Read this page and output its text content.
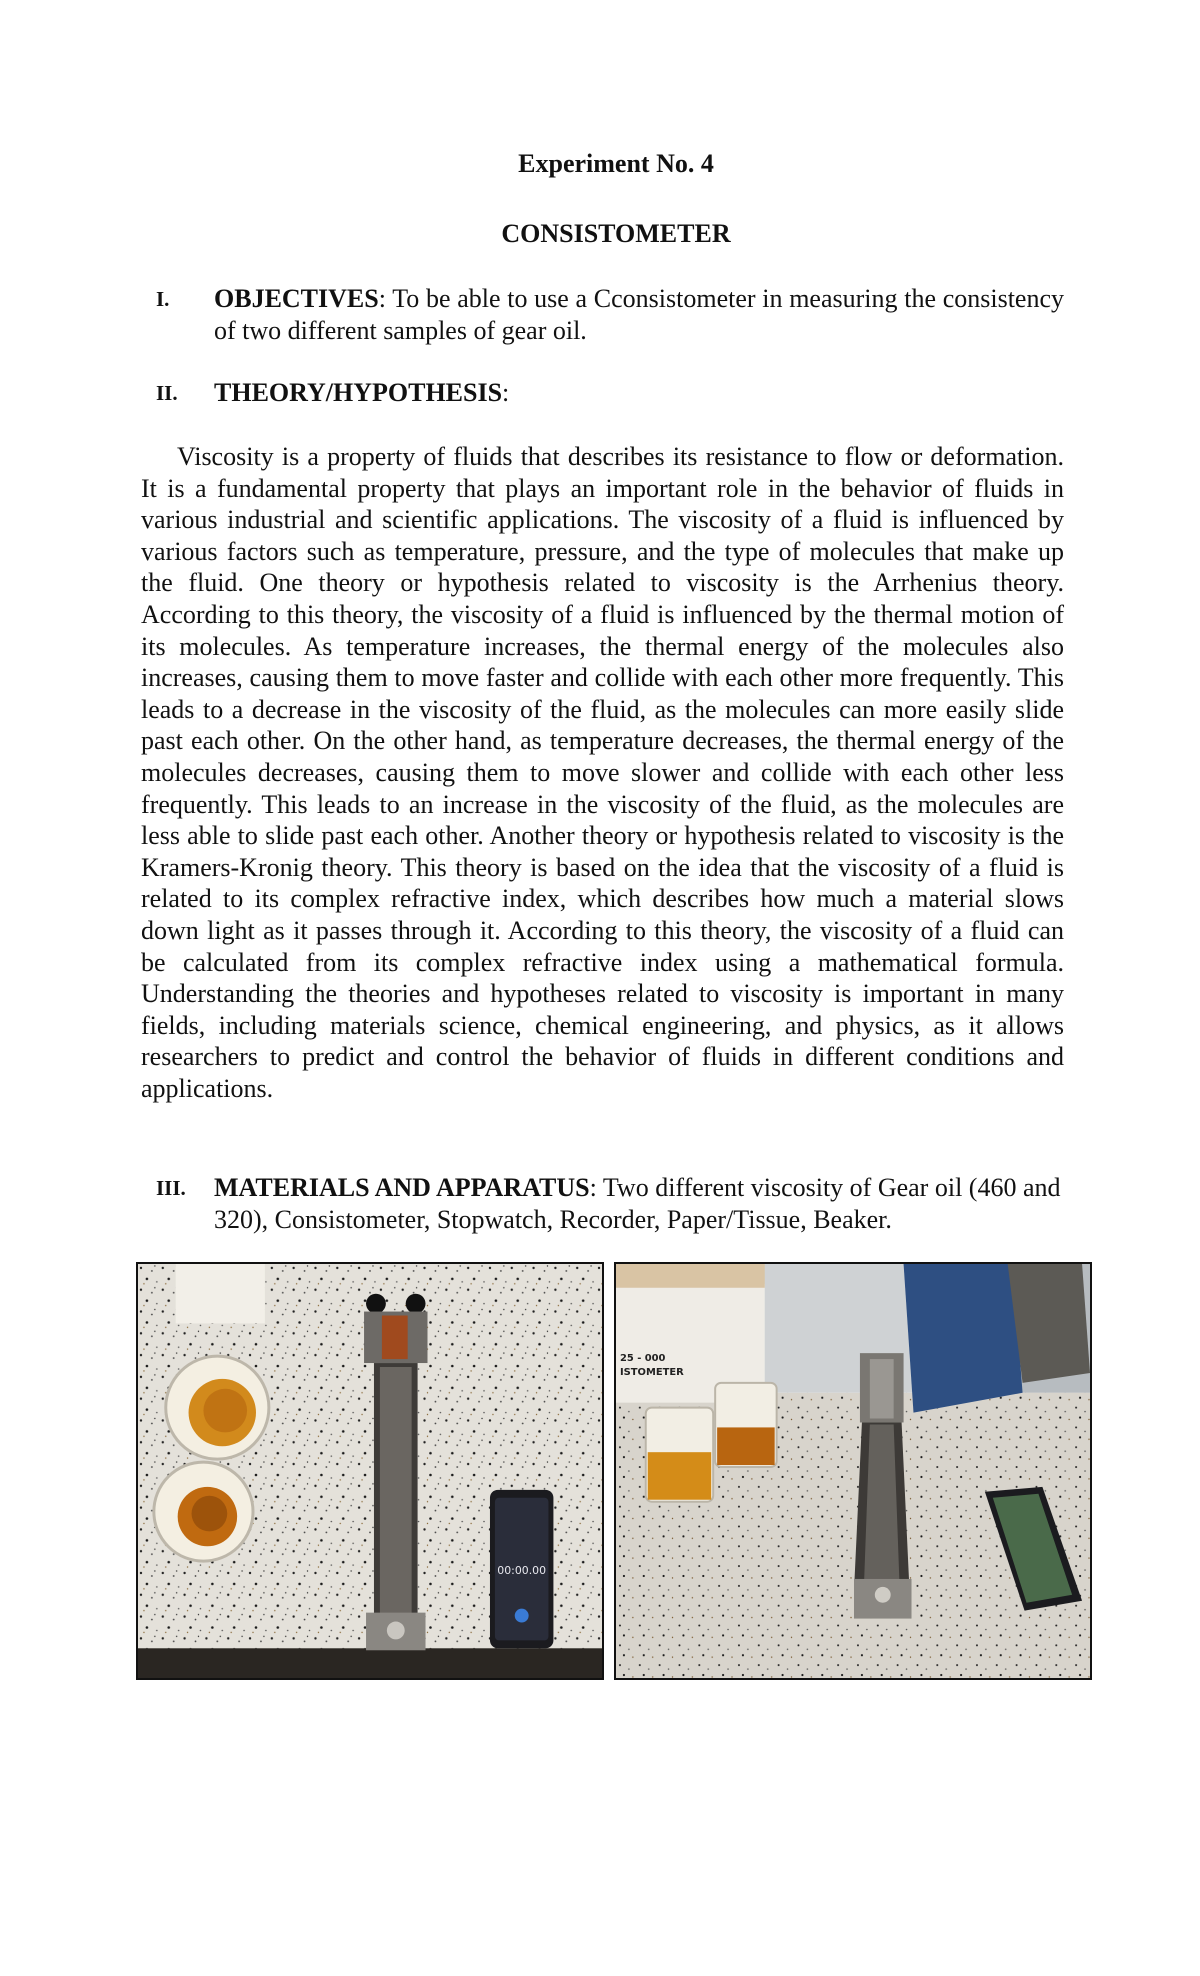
Experiment No. 4
CONSISTOMETER
I. OBJECTIVES: To be able to use a Cconsistometer in measuring the consistency of two different samples of gear oil.
II. THEORY/HYPOTHESIS:
Viscosity is a property of fluids that describes its resistance to flow or deformation. It is a fundamental property that plays an important role in the behavior of fluids in various industrial and scientific applications. The viscosity of a fluid is influenced by various factors such as temperature, pressure, and the type of molecules that make up the fluid. One theory or hypothesis related to viscosity is the Arrhenius theory. According to this theory, the viscosity of a fluid is influenced by the thermal motion of its molecules. As temperature increases, the thermal energy of the molecules also increases, causing them to move faster and collide with each other more frequently. This leads to a decrease in the viscosity of the fluid, as the molecules can more easily slide past each other. On the other hand, as temperature decreases, the thermal energy of the molecules decreases, causing them to move slower and collide with each other less frequently. This leads to an increase in the viscosity of the fluid, as the molecules are less able to slide past each other. Another theory or hypothesis related to viscosity is the Kramers-Kronig theory. This theory is based on the idea that the viscosity of a fluid is related to its complex refractive index, which describes how much a material slows down light as it passes through it. According to this theory, the viscosity of a fluid can be calculated from its complex refractive index using a mathematical formula. Understanding the theories and hypotheses related to viscosity is important in many fields, including materials science, chemical engineering, and physics, as it allows researchers to predict and control the behavior of fluids in different conditions and applications.
III. MATERIALS AND APPARATUS: Two different viscosity of Gear oil (460 and 320), Consistometer, Stopwatch, Recorder, Paper/Tissue, Beaker.
00:00.00
25 - 000
ISTOMETER
